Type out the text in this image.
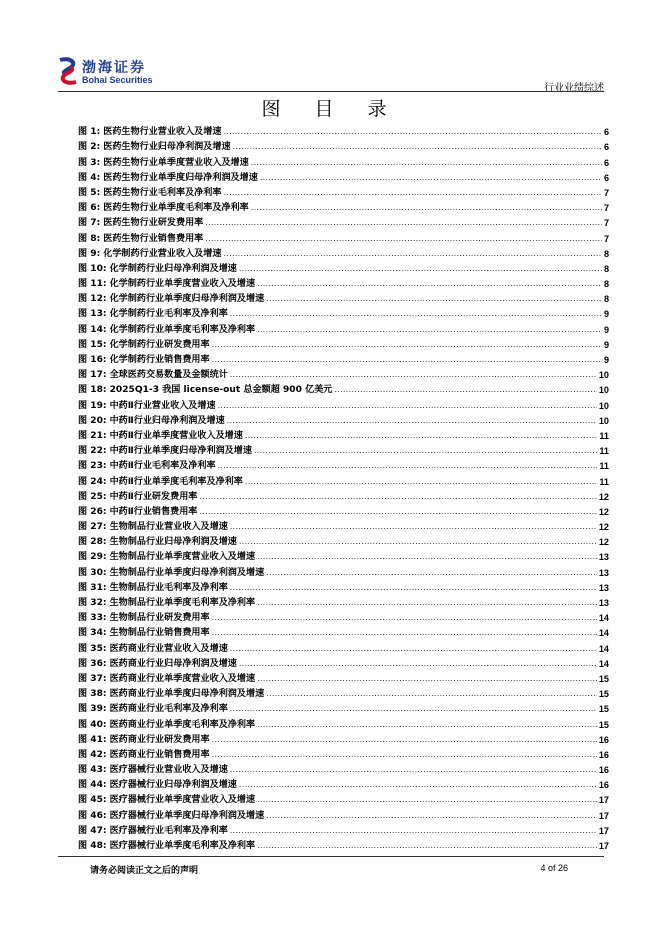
渤海证券
Bohai Securities
行业业绩综述
图 目 录
图 1: 医药生物行业营业收入及增速 .....	6
图 2: 医药生物行业归母净利润及增速 .....	6
图 3: 医药生物行业单季度营业收入及增速 .....	6
图 4: 医药生物行业单季度归母净利润及增速 .....	6
图 5: 医药生物行业毛利率及净利率 .....	7
图 6: 医药生物行业单季度毛利率及净利率 .....	7
图 7: 医药生物行业研发费用率 .....	7
图 8: 医药生物行业销售费用率 .....	7
图 9: 化学制药行业营业收入及增速 .....	8
图 10: 化学制药行业归母净利润及增速 .....	8
图 11: 化学制药行业单季度营业收入及增速 .....	8
图 12: 化学制药行业单季度归母净利润及增速 .....	8
图 13: 化学制药行业毛利率及净利率 .....	9
图 14: 化学制药行业单季度毛利率及净利率 .....	9
图 15: 化学制药行业研发费用率 .....	9
图 16: 化学制药行业销售费用率 .....	9
图 17: 全球医药交易数量及金额统计 .....	10
图 18: 2025Q1-3 我国 license-out 总金额超 900 亿美元 .....	10
图 19: 中药Ⅱ行业营业收入及增速 .....	10
图 20: 中药Ⅱ行业归母净利润及增速 .....	10
图 21: 中药Ⅱ行业单季度营业收入及增速 .....	11
图 22: 中药Ⅱ行业单季度归母净利润及增速 .....	11
图 23: 中药Ⅱ行业毛利率及净利率 .....	11
图 24: 中药Ⅱ行业单季度毛利率及净利率 .....	11
图 25: 中药Ⅱ行业研发费用率 .....	12
图 26: 中药Ⅱ行业销售费用率 .....	12
图 27: 生物制品行业营业收入及增速 .....	12
图 28: 生物制品行业归母净利润及增速 .....	12
图 29: 生物制品行业单季度营业收入及增速 .....	13
图 30: 生物制品行业单季度归母净利润及增速 .....	13
图 31: 生物制品行业毛利率及净利率 .....	13
图 32: 生物制品行业单季度毛利率及净利率 .....	13
图 33: 生物制品行业研发费用率 .....	14
图 34: 生物制品行业销售费用率 .....	14
图 35: 医药商业行业营业收入及增速 .....	14
图 36: 医药商业行业归母净利润及增速 .....	14
图 37: 医药商业行业单季度营业收入及增速 .....	15
图 38: 医药商业行业单季度归母净利润及增速 .....	15
图 39: 医药商业行业毛利率及净利率 .....	15
图 40: 医药商业行业单季度毛利率及净利率 .....	15
图 41: 医药商业行业研发费用率 .....	16
图 42: 医药商业行业销售费用率 .....	16
图 43: 医疗器械行业营业收入及增速 .....	16
图 44: 医疗器械行业归母净利润及增速 .....	16
图 45: 医疗器械行业单季度营业收入及增速 .....	17
图 46: 医疗器械行业单季度归母净利润及增速 .....	17
图 47: 医疗器械行业毛利率及净利率 .....	17
图 48: 医疗器械行业单季度毛利率及净利率 .....	17
请务必阅读正文之后的声明	4 of 26
